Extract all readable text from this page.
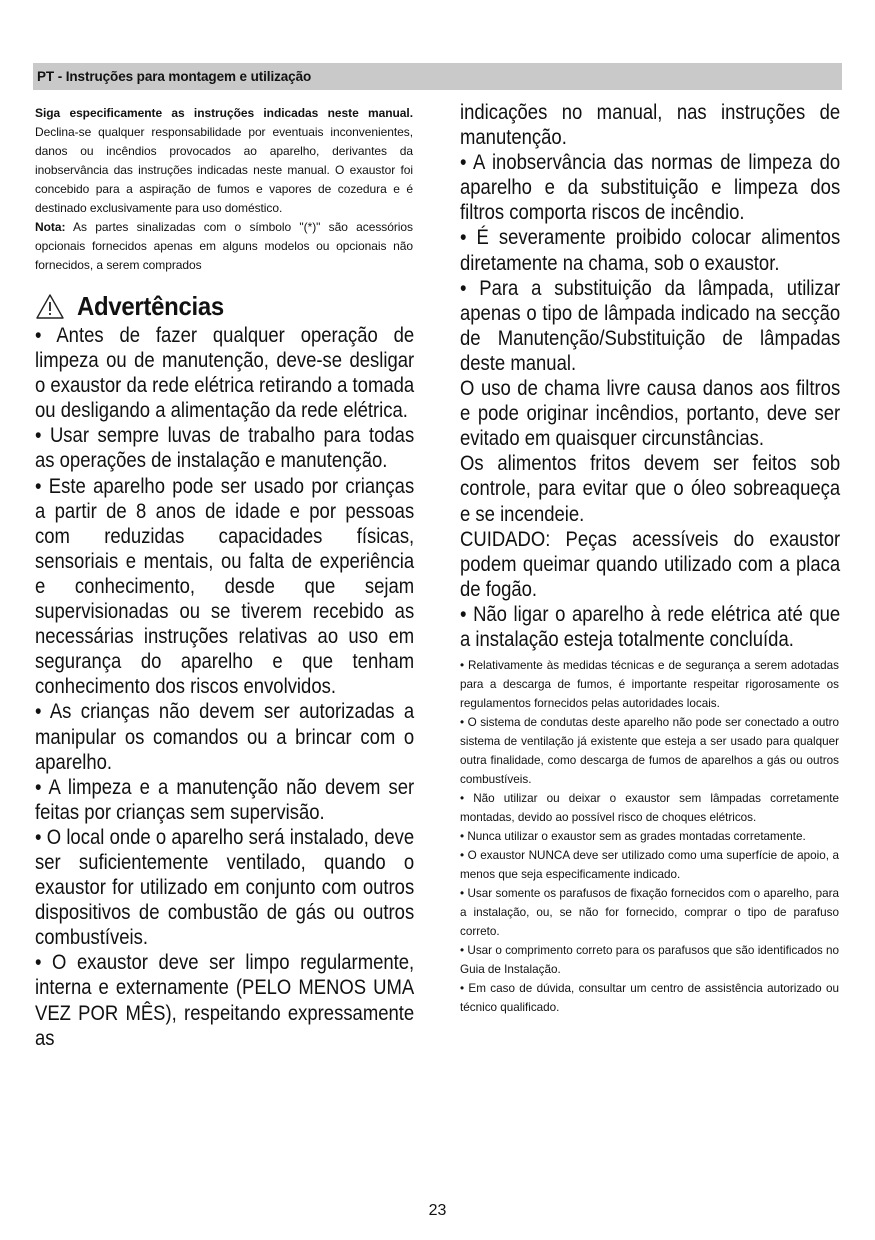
PT - Instruções para montagem e utilização

Siga especificamente as instruções indicadas neste manual. Declina-se qualquer responsabilidade por eventuais inconvenientes, danos ou incêndios provocados ao aparelho, derivantes da inobservância das instruções indicadas neste manual. O exaustor foi concebido para a aspiração de fumos e vapores de cozedura e é destinado exclusivamente para uso doméstico.

Nota: As partes sinalizadas com o símbolo "(*)" são acessórios opcionais fornecidos apenas em alguns modelos ou opcionais não fornecidos, a serem comprados

Advertências

• Antes de fazer qualquer operação de limpeza ou de manutenção, deve-se desligar o exaustor da rede elétrica retirando a tomada ou desligando a alimentação da rede elétrica.

• Usar sempre luvas de trabalho para todas as operações de instalação e manutenção.

• Este aparelho pode ser usado por crianças a partir de 8 anos de idade e por pessoas com reduzidas capacidades físicas, sensoriais e mentais, ou falta de experiência e conhecimento, desde que sejam supervisionadas ou se tiverem recebido as necessárias instruções relativas ao uso em segurança do aparelho e que tenham conhecimento dos riscos envolvidos.

• As crianças não devem ser autorizadas a manipular os comandos ou a brincar com o aparelho.

• A limpeza e a manutenção não devem ser feitas por crianças sem supervisão.

• O local onde o aparelho será instalado, deve ser suficientemente ventilado, quando o exaustor for utilizado em conjunto com outros dispositivos de combustão de gás ou outros combustíveis.

• O exaustor deve ser limpo regularmente, interna e externamente (PELO MENOS UMA VEZ POR MÊS), respeitando expressamente as

indicações no manual, nas instruções de manutenção.

• A inobservância das normas de limpeza do aparelho e da substituição e limpeza dos filtros comporta riscos de incêndio.

• É severamente proibido colocar alimentos diretamente na chama, sob o exaustor.

• Para a substituição da lâmpada, utilizar apenas o tipo de lâmpada indicado na secção de Manutenção/Substituição de lâmpadas deste manual.

O uso de chama livre causa danos aos filtros e pode originar incêndios, portanto, deve ser evitado em quaisquer circunstâncias.

Os alimentos fritos devem ser feitos sob controle, para evitar que o óleo sobreaqueça e se incendeie.

CUIDADO: Peças acessíveis do exaustor podem queimar quando utilizado com a placa de fogão.

• Não ligar o aparelho à rede elétrica até que a instalação esteja totalmente concluída.

• Relativamente às medidas técnicas e de segurança a serem adotadas para a descarga de fumos, é importante respeitar rigorosamente os regulamentos fornecidos pelas autoridades locais.

• O sistema de condutas deste aparelho não pode ser conectado a outro sistema de ventilação já existente que esteja a ser usado para qualquer outra finalidade, como descarga de fumos de aparelhos a gás ou outros combustíveis.

• Não utilizar ou deixar o exaustor sem lâmpadas corretamente montadas, devido ao possível risco de choques elétricos.

• Nunca utilizar o exaustor sem as grades montadas corretamente.

• O exaustor NUNCA deve ser utilizado como uma superfície de apoio, a menos que seja especificamente indicado.

• Usar somente os parafusos de fixação fornecidos com o aparelho, para a instalação, ou, se não for fornecido, comprar o tipo de parafuso correto.

• Usar o comprimento correto para os parafusos que são identificados no Guia de Instalação.

• Em caso de dúvida, consultar um centro de assistência autorizado ou técnico qualificado.

23
